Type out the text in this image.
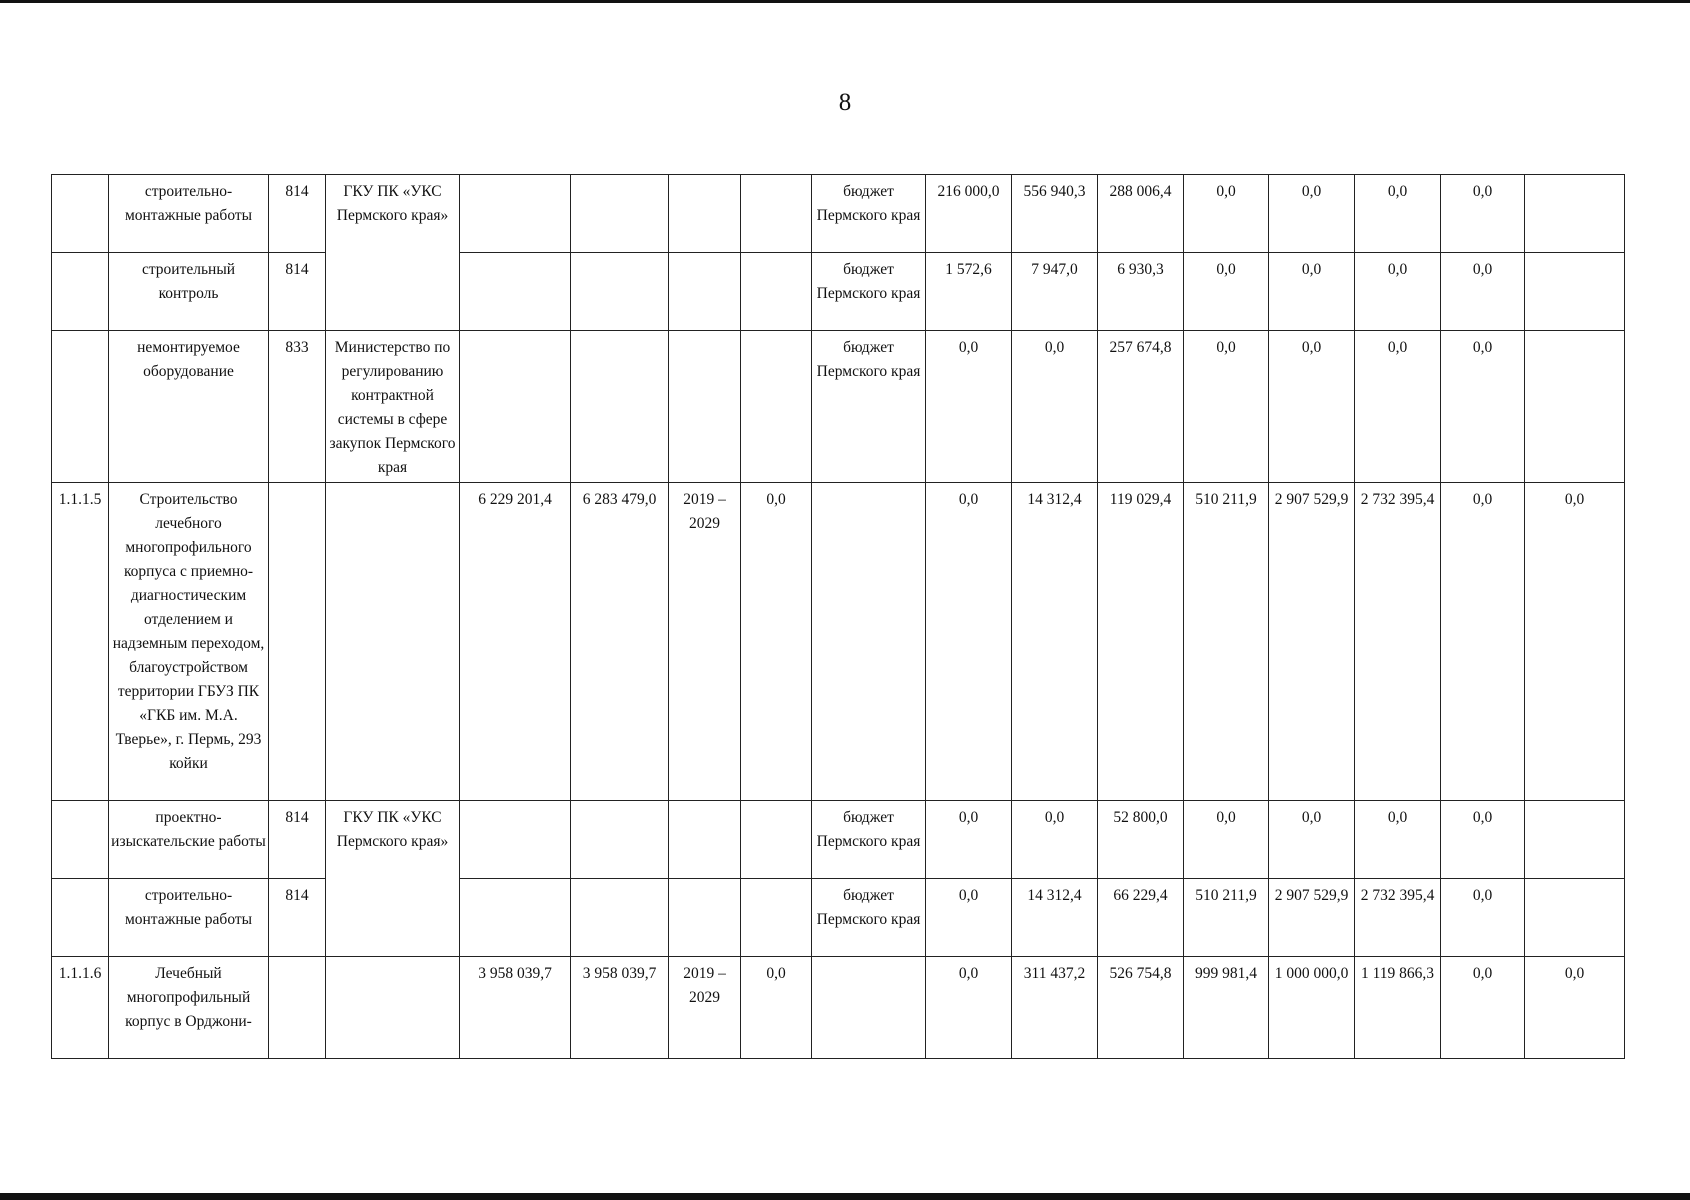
8
	строительно-монтажные работы	814	ГКУ ПК «УКС Пермского края»					бюджет Пермского края	216 000,0	556 940,3	288 006,4	0,0	0,0	0,0	0,0	
	строительный контроль	814						бюджет Пермского края	1 572,6	7 947,0	6 930,3	0,0	0,0	0,0	0,0	
	немонтируемое оборудование	833	Министерство по регулированию контрактной системы в сфере закупок Пермского края					бюджет Пермского края	0,0	0,0	257 674,8	0,0	0,0	0,0	0,0	
1.1.1.5	Строительство лечебного многопрофильного корпуса с приемно-диагностическим отделением и надземным переходом, благоустройством территории ГБУЗ ПК «ГКБ им. М.А. Тверье», г. Пермь, 293 койки			6 229 201,4	6 283 479,0	2019 – 2029	0,0		0,0	14 312,4	119 029,4	510 211,9	2 907 529,9	2 732 395,4	0,0	0,0
	проектно-изыскательские работы	814	ГКУ ПК «УКС Пермского края»					бюджет Пермского края	0,0	0,0	52 800,0	0,0	0,0	0,0	0,0	
	строительно-монтажные работы	814						бюджет Пермского края	0,0	14 312,4	66 229,4	510 211,9	2 907 529,9	2 732 395,4	0,0	
1.1.1.6	Лечебный многопрофильный корпус в Орджони-			3 958 039,7	3 958 039,7	2019 – 2029	0,0		0,0	311 437,2	526 754,8	999 981,4	1 000 000,0	1 119 866,3	0,0	0,0
